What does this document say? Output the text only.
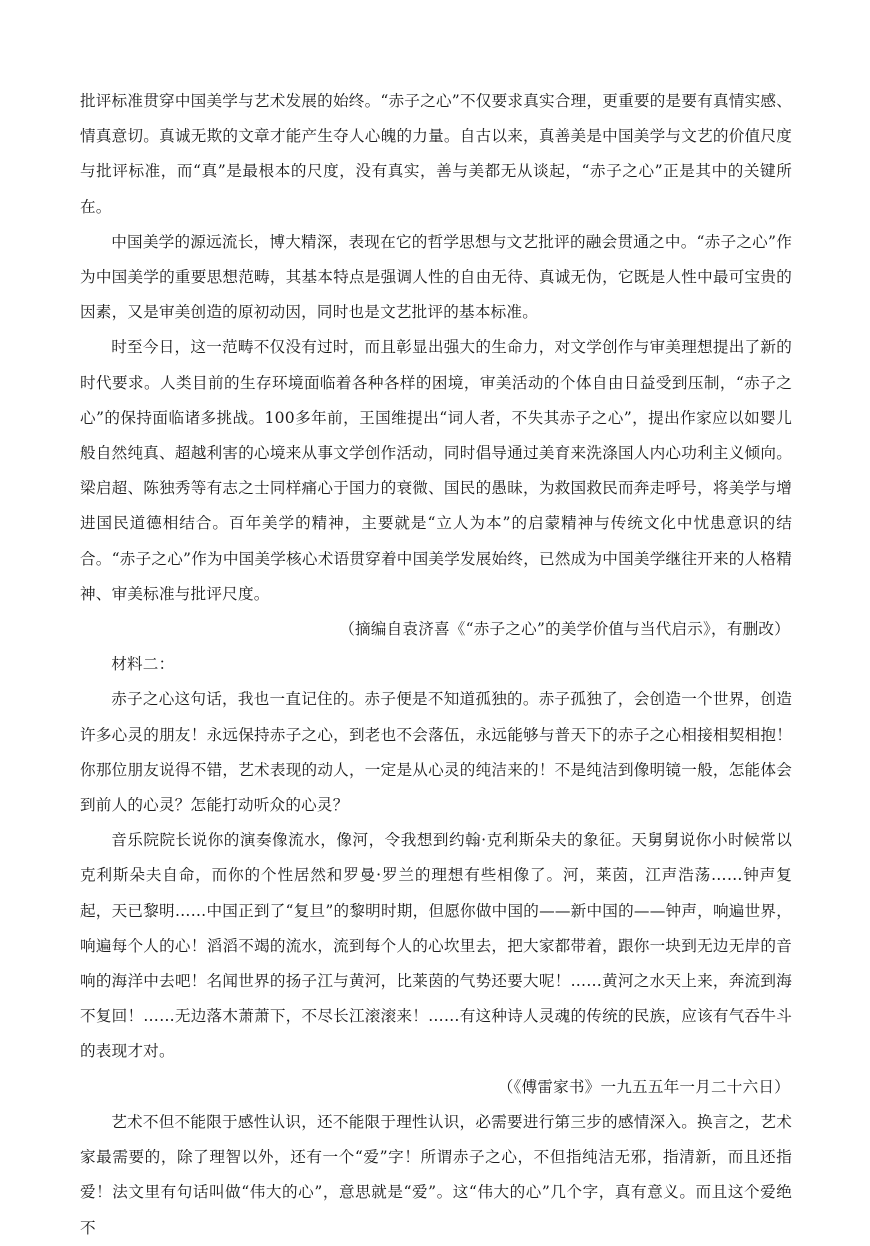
批评标准贯穿中国美学与艺术发展的始终。“赤子之心”不仅要求真实合理，更重要的是要有真情实感、情真意切。真诚无欺的文章才能产生夺人心魄的力量。自古以来，真善美是中国美学与文艺的价值尺度与批评标准，而“真”是最根本的尺度，没有真实，善与美都无从谈起，“赤子之心”正是其中的关键所在。

中国美学的源远流长，博大精深，表现在它的哲学思想与文艺批评的融会贯通之中。“赤子之心”作为中国美学的重要思想范畴，其基本特点是强调人性的自由无待、真诚无伪，它既是人性中最可宝贵的因素，又是审美创造的原初动因，同时也是文艺批评的基本标准。

时至今日，这一范畴不仅没有过时，而且彰显出强大的生命力，对文学创作与审美理想提出了新的时代要求。人类目前的生存环境面临着各种各样的困境，审美活动的个体自由日益受到压制，“赤子之心”的保持面临诸多挑战。100多年前，王国维提出“词人者，不失其赤子之心”，提出作家应以如婴儿般自然纯真、超越利害的心境来从事文学创作活动，同时倡导通过美育来洗涤国人内心功利主义倾向。梁启超、陈独秀等有志之士同样痛心于国力的衰微、国民的愚昧，为救国救民而奔走呼号，将美学与增进国民道德相结合。百年美学的精神，主要就是“立人为本”的启蒙精神与传统文化中忧患意识的结合。“赤子之心”作为中国美学核心术语贯穿着中国美学发展始终，已然成为中国美学继往开来的人格精神、审美标准与批评尺度。

（摘编自袁济喜《“赤子之心”的美学价值与当代启示》，有删改）

材料二：

赤子之心这句话，我也一直记住的。赤子便是不知道孤独的。赤子孤独了，会创造一个世界，创造许多心灵的朋友！永远保持赤子之心，到老也不会落伍，永远能够与普天下的赤子之心相接相契相抱！你那位朋友说得不错，艺术表现的动人，一定是从心灵的纯洁来的！不是纯洁到像明镜一般，怎能体会到前人的心灵？怎能打动听众的心灵？

音乐院院长说你的演奏像流水，像河，令我想到约翰·克利斯朵夫的象征。天舅舅说你小时候常以克利斯朵夫自命，而你的个性居然和罗曼·罗兰的理想有些相像了。河，莱茵，江声浩荡……钟声复起，天已黎明……中国正到了“复旦”的黎明时期，但愿你做中国的——新中国的——钟声，响遍世界，响遍每个人的心！滔滔不竭的流水，流到每个人的心坎里去，把大家都带着，跟你一块到无边无岸的音响的海洋中去吧！名闻世界的扬子江与黄河，比莱茵的气势还要大呢！……黄河之水天上来，奔流到海不复回！……无边落木萧萧下，不尽长江滚滚来！……有这种诗人灵魂的传统的民族，应该有气吞牛斗的表现才对。

（《傅雷家书》一九五五年一月二十六日）

艺术不但不能限于感性认识，还不能限于理性认识，必需要进行第三步的感情深入。换言之，艺术家最需要的，除了理智以外，还有一个“爱”字！所谓赤子之心，不但指纯洁无邪，指清新，而且还指爱！法文里有句话叫做“伟大的心”，意思就是“爱”。这“伟大的心”几个字，真有意义。而且这个爱绝不
